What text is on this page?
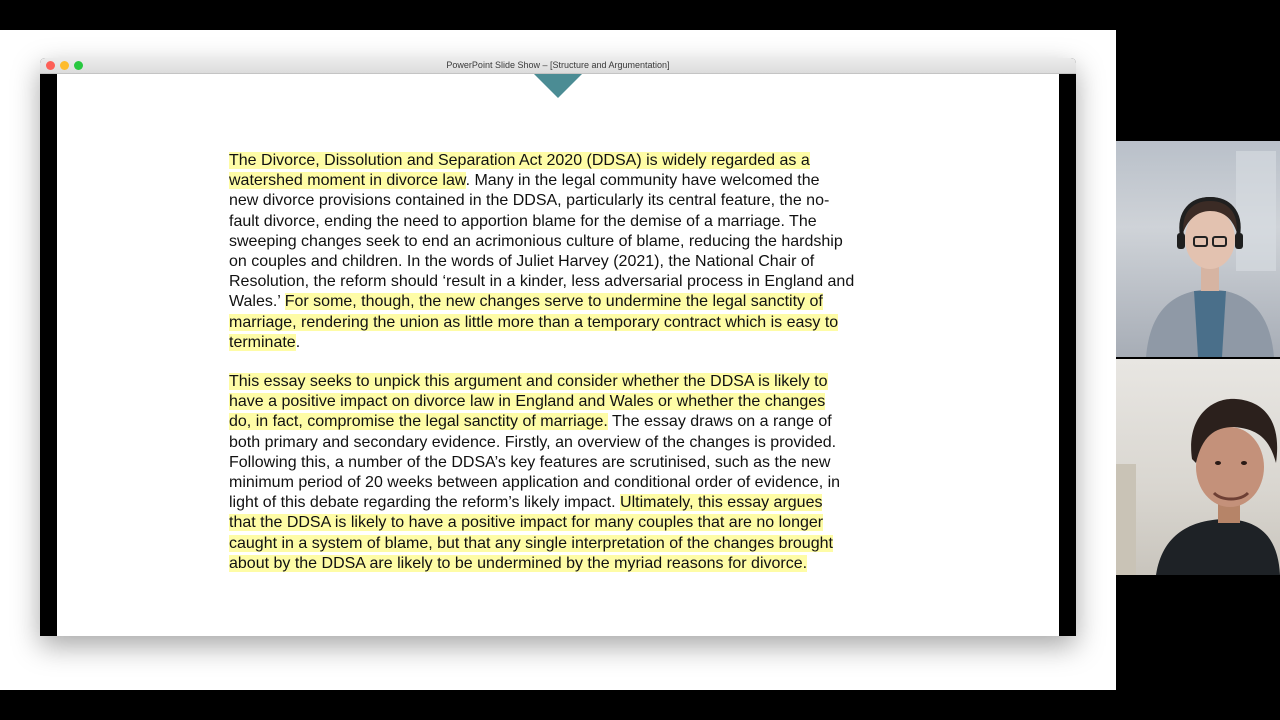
PowerPoint Slide Show – [Structure and Argumentation]
The Divorce, Dissolution and Separation Act 2020 (DDSA) is widely regarded as a
watershed moment in divorce law. Many in the legal community have welcomed the
new divorce provisions contained in the DDSA, particularly its central feature, the no-
fault divorce, ending the need to apportion blame for the demise of a marriage. The
sweeping changes seek to end an acrimonious culture of blame, reducing the hardship
on couples and children. In the words of Juliet Harvey (2021), the National Chair of
Resolution, the reform should ‘result in a kinder, less adversarial process in England and
Wales.’ For some, though, the new changes serve to undermine the legal sanctity of
marriage, rendering the union as little more than a temporary contract which is easy to
terminate.
This essay seeks to unpick this argument and consider whether the DDSA is likely to
have a positive impact on divorce law in England and Wales or whether the changes
do, in fact, compromise the legal sanctity of marriage. The essay draws on a range of
both primary and secondary evidence. Firstly, an overview of the changes is provided.
Following this, a number of the DDSA’s key features are scrutinised, such as the new
minimum period of 20 weeks between application and conditional order of evidence, in
light of this debate regarding the reform’s likely impact. Ultimately, this essay argues
that the DDSA is likely to have a positive impact for many couples that are no longer
caught in a system of blame, but that any single interpretation of the changes brought
about by the DDSA are likely to be undermined by the myriad reasons for divorce.
